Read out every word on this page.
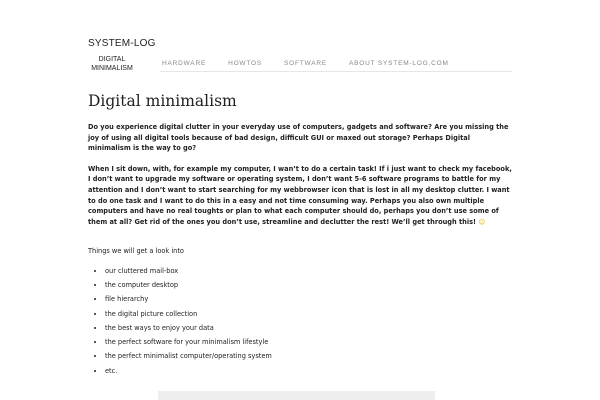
SYSTEM-LOG
DIGITAL MINIMALISM
HARDWARE	HOWTOS	SOFTWARE	ABOUT SYSTEM-LOG.COM
Digital minimalism

Do you experience digital clutter in your everyday use of computers, gadgets and software? Are you missing the joy of using all digital tools because of bad design, difficult GUI or maxed out storage? Perhaps Digital minimalism is the way to go?

When I sit down, with, for example my computer, I wan’t to do a certain task! If i just want to check my facebook, I don’t want to upgrade my software or operating system, I don’t want 5-6 software programs to battle for my attention and I don’t want to start searching for my webbrowser icon that is lost in all my desktop clutter. I want to do one task and I want to do this in a easy and not time consuming way. Perhaps you also own multiple computers and have no real toughts or plan to what each computer should do, perhaps you don’t use some of them at all? Get rid of the ones you don’t use, streamline and declutter the rest! We’ll get through this! ☺

Things we will get a look into

• our cluttered mail-box
• the computer desktop
• file hierarchy
• the digital picture collection
• the best ways to enjoy your data
• the perfect software for your minimalism lifestyle
• the perfect minimalist computer/operating system
• etc.
